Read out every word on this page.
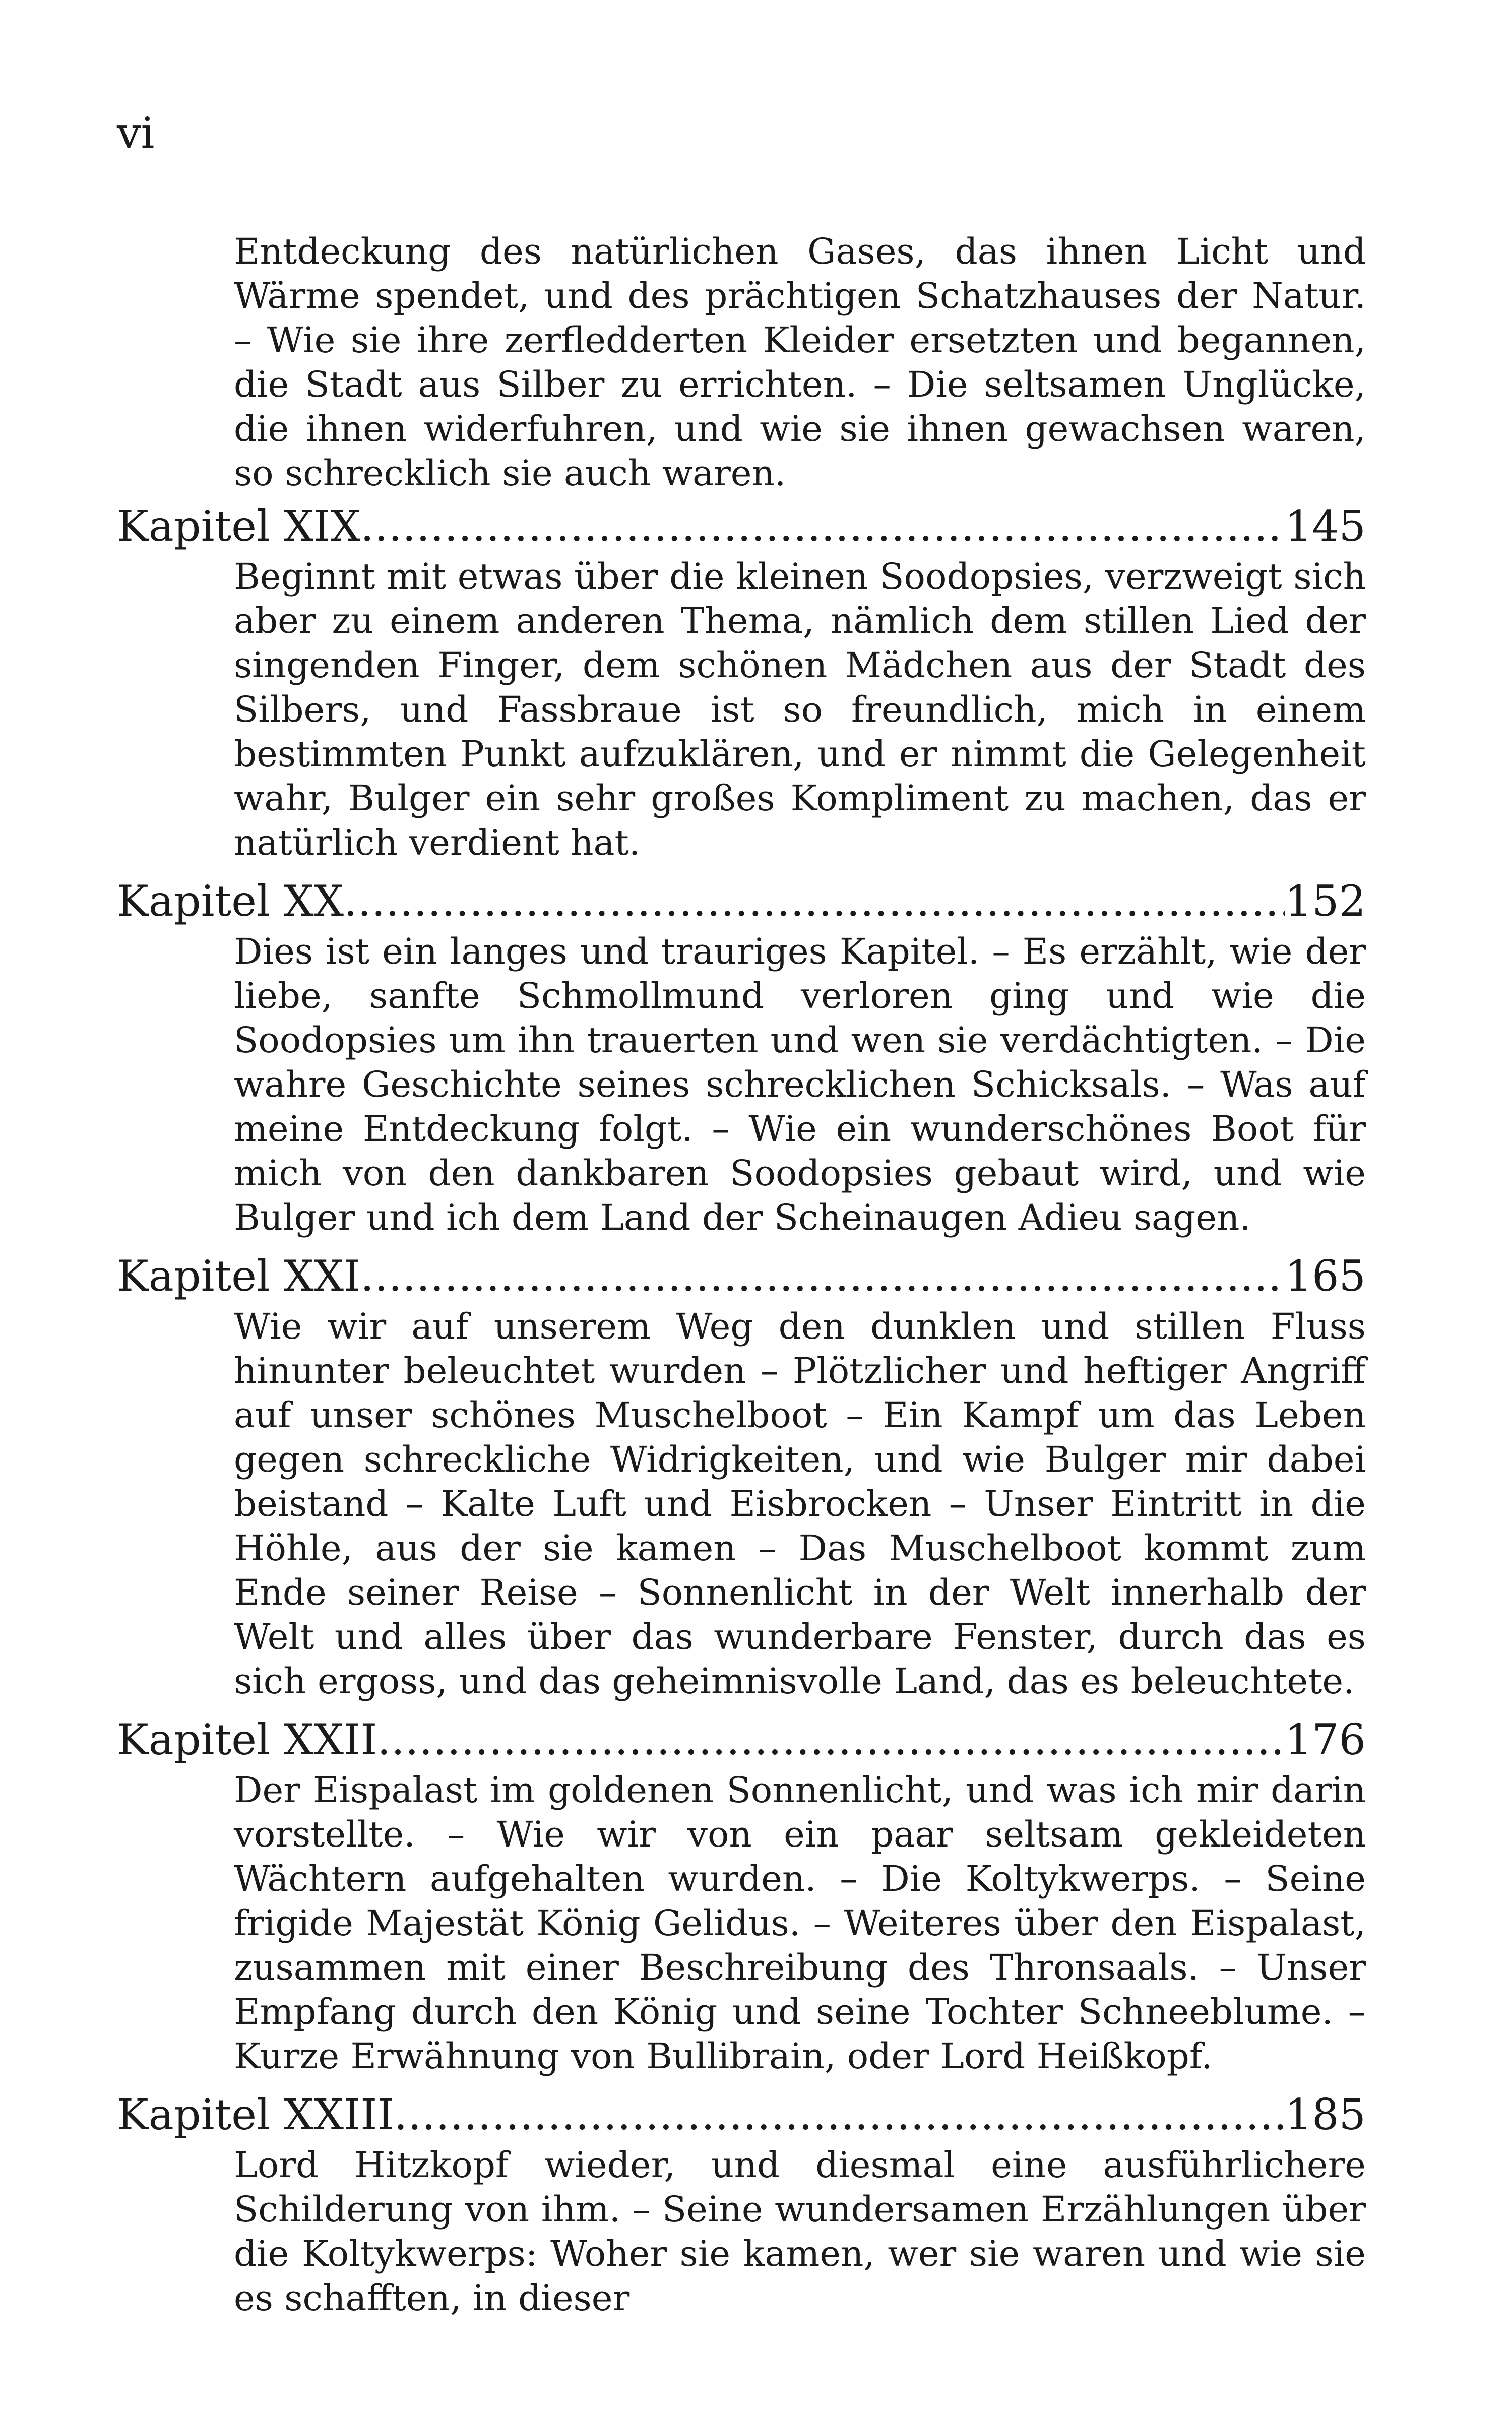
vi
Entdeckung des natürlichen Gases, das ihnen Licht und Wärme spendet, und des prächtigen Schatzhauses der Natur. – Wie sie ihre zerfledderten Kleider ersetzten und begannen, die Stadt aus Silber zu errichten. – Die seltsamen Unglücke, die ihnen widerfuhren, und wie sie ihnen gewachsen waren, so schrecklich sie auch waren.
Kapitel XIX .....	145
Beginnt mit etwas über die kleinen Soodopsies, verzweigt sich aber zu einem anderen Thema, nämlich dem stillen Lied der singenden Finger, dem schönen Mädchen aus der Stadt des Silbers, und Fassbraue ist so freundlich, mich in einem bestimmten Punkt aufzuklären, und er nimmt die Gelegenheit wahr, Bulger ein sehr großes Kompliment zu machen, das er natürlich verdient hat.
Kapitel XX .....	152
Dies ist ein langes und trauriges Kapitel. – Es erzählt, wie der liebe, sanfte Schmollmund verloren ging und wie die Soodopsies um ihn trauerten und wen sie verdächtigten. – Die wahre Geschichte seines schrecklichen Schicksals. – Was auf meine Entdeckung folgt. – Wie ein wunderschönes Boot für mich von den dankbaren Soodopsies gebaut wird, und wie Bulger und ich dem Land der Scheinaugen Adieu sagen.
Kapitel XXI .....	165
Wie wir auf unserem Weg den dunklen und stillen Fluss hinunter beleuchtet wurden – Plötzlicher und heftiger Angriff auf unser schönes Muschelboot – Ein Kampf um das Leben gegen schreckliche Widrigkeiten, und wie Bulger mir dabei beistand – Kalte Luft und Eisbrocken – Unser Eintritt in die Höhle, aus der sie kamen – Das Muschelboot kommt zum Ende seiner Reise – Sonnenlicht in der Welt innerhalb der Welt und alles über das wunderbare Fenster, durch das es sich ergoss, und das geheimnisvolle Land, das es beleuchtete.
Kapitel XXII .....	176
Der Eispalast im goldenen Sonnenlicht, und was ich mir darin vorstellte. – Wie wir von ein paar seltsam gekleideten Wächtern aufgehalten wurden. – Die Koltykwerps. – Seine frigide Majestät König Gelidus. – Weiteres über den Eispalast, zusammen mit einer Beschreibung des Thronsaals. – Unser Empfang durch den König und seine Tochter Schneeblume. – Kurze Erwähnung von Bullibrain, oder Lord Heißkopf.
Kapitel XXIII .....	185
Lord Hitzkopf wieder, und diesmal eine ausführlichere Schilderung von ihm. – Seine wundersamen Erzählungen über die Koltykwerps: Woher sie kamen, wer sie waren und wie sie es schafften, in dieser
